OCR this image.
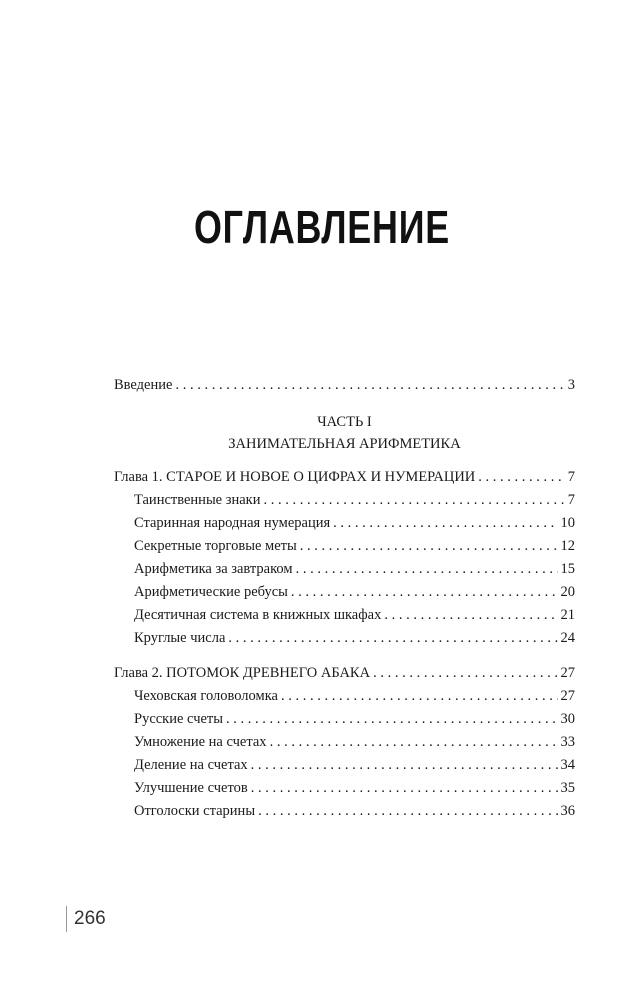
ОГЛАВЛЕНИЕ
Введение . . .	3
ЧАСТЬ I
ЗАНИМАТЕЛЬНАЯ АРИФМЕТИКА
Глава 1. СТАРОЕ И НОВОЕ О ЦИФРАХ И НУМЕРАЦИИ . . .	7
Таинственные знаки . . .	7
Старинная народная нумерация . . .	10
Секретные торговые меты . . .	12
Арифметика за завтраком . . .	15
Арифметические ребусы . . .	20
Десятичная система в книжных шкафах . . .	21
Круглые числа . . .	24
Глава 2. ПОТОМОК ДРЕВНЕГО АБАКА . . .	27
Чеховская головоломка . . .	27
Русские счеты . . .	30
Умножение на счетах . . .	33
Деление на счетах . . .	34
Улучшение счетов . . .	35
Отголоски старины . . .	36
266
